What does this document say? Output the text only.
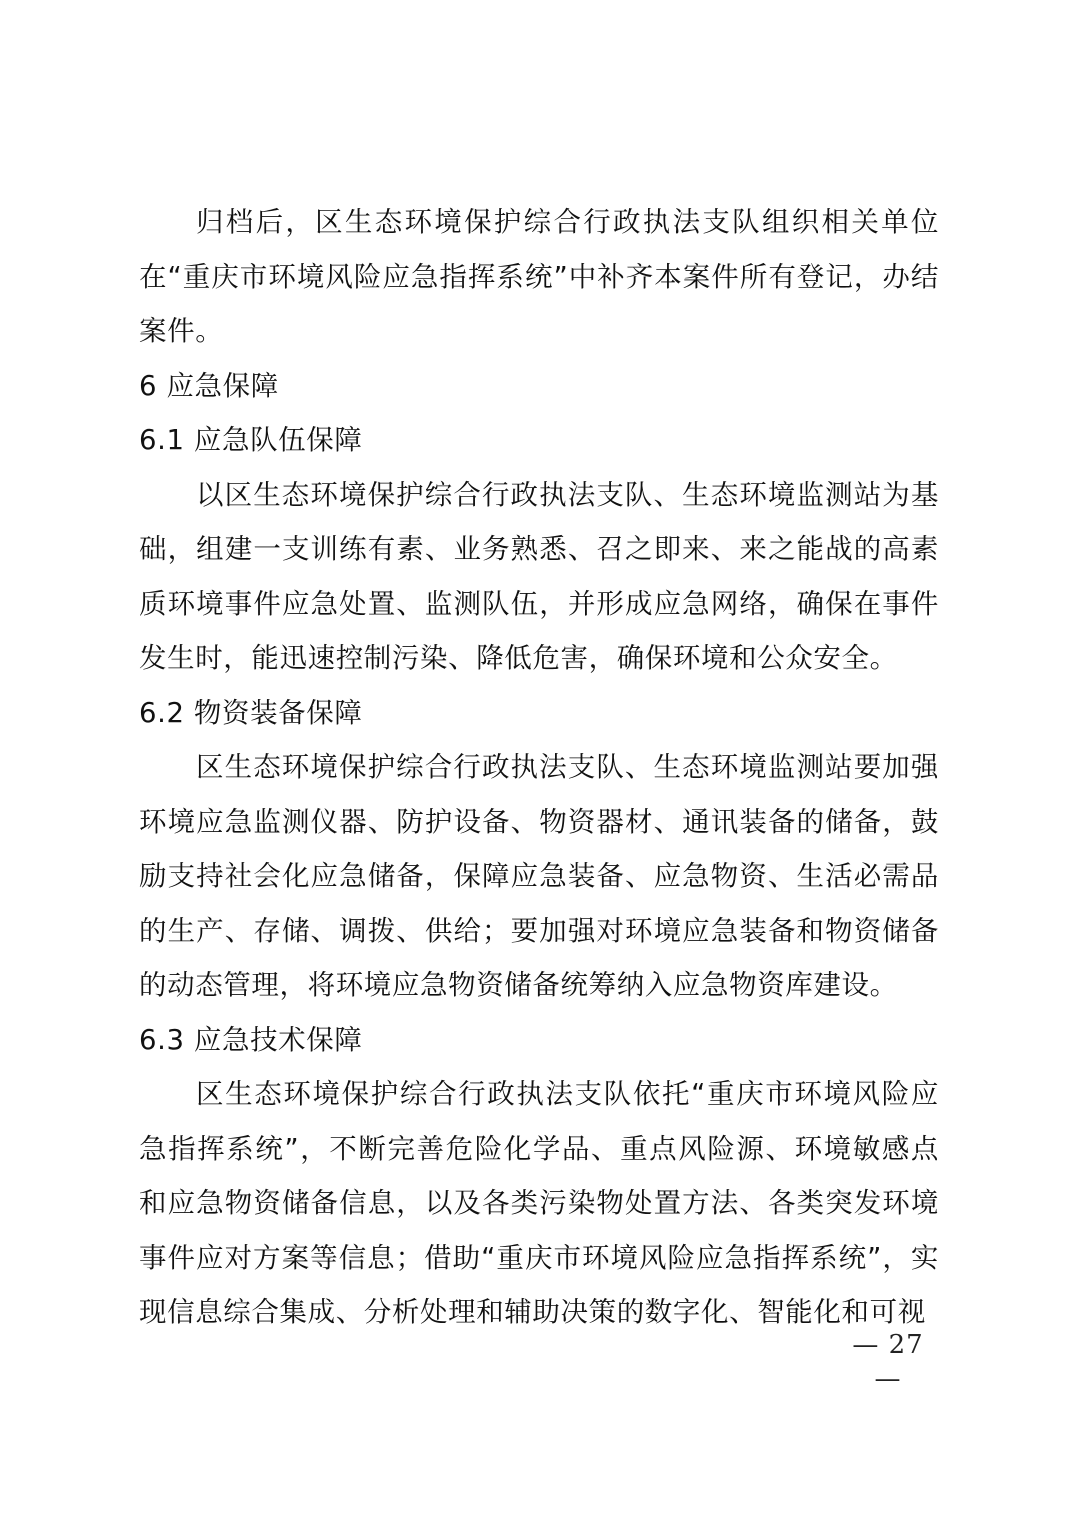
归档后，区生态环境保护综合行政执法支队组织相关单位在“重庆市环境风险应急指挥系统”中补齐本案件所有登记，办结案件。

6 应急保障

6.1 应急队伍保障

以区生态环境保护综合行政执法支队、生态环境监测站为基础，组建一支训练有素、业务熟悉、召之即来、来之能战的高素质环境事件应急处置、监测队伍，并形成应急网络，确保在事件发生时，能迅速控制污染、降低危害，确保环境和公众安全。

6.2 物资装备保障

区生态环境保护综合行政执法支队、生态环境监测站要加强环境应急监测仪器、防护设备、物资器材、通讯装备的储备，鼓励支持社会化应急储备，保障应急装备、应急物资、生活必需品的生产、存储、调拨、供给；要加强对环境应急装备和物资储备的动态管理，将环境应急物资储备统筹纳入应急物资库建设。

6.3 应急技术保障

区生态环境保护综合行政执法支队依托“重庆市环境风险应急指挥系统”，不断完善危险化学品、重点风险源、环境敏感点和应急物资储备信息，以及各类污染物处置方法、各类突发环境事件应对方案等信息；借助“重庆市环境风险应急指挥系统”，实现信息综合集成、分析处理和辅助决策的数字化、智能化和可视

— 27 —
